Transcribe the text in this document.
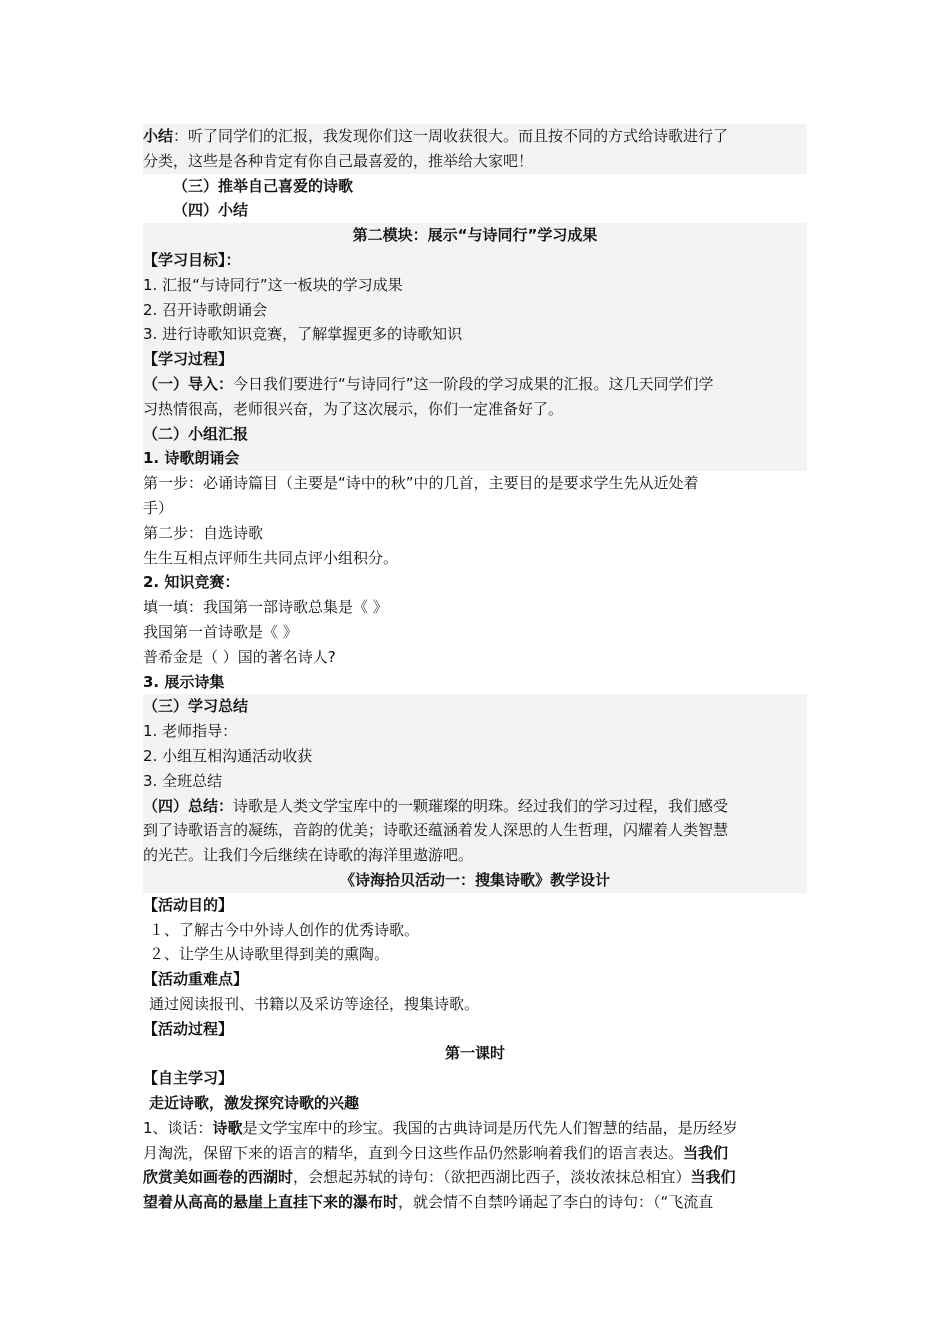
小结：听了同学们的汇报，我发现你们这一周收获很大。而且按不同的方式给诗歌进行了
分类，这些是各种肯定有你自己最喜爱的，推举给大家吧！
（三）推举自己喜爱的诗歌
（四）小结
第二模块：展示“与诗同行”学习成果
【学习目标】：
1. 汇报“与诗同行”这一板块的学习成果
2. 召开诗歌朗诵会
3. 进行诗歌知识竞赛，了解掌握更多的诗歌知识
【学习过程】
（一）导入：今日我们要进行“与诗同行”这一阶段的学习成果的汇报。这几天同学们学
习热情很高，老师很兴奋，为了这次展示，你们一定准备好了。
（二）小组汇报
1. 诗歌朗诵会
第一步：必诵诗篇目（主要是“诗中的秋”中的几首，主要目的是要求学生先从近处着
手）
第二步：自选诗歌
生生互相点评师生共同点评小组积分。
2. 知识竞赛：
填一填：我国第一部诗歌总集是《 》
我国第一首诗歌是《 》
普希金是（ ）国的著名诗人?
3. 展示诗集
（三）学习总结
1. 老师指导：
2. 小组互相沟通活动收获
3. 全班总结
（四）总结：诗歌是人类文学宝库中的一颗璀璨的明珠。经过我们的学习过程，我们感受
到了诗歌语言的凝练，音韵的优美；诗歌还蕴涵着发人深思的人生哲理，闪耀着人类智慧
的光芒。让我们今后继续在诗歌的海洋里遨游吧。
《诗海拾贝活动一：搜集诗歌》教学设计
【活动目的】
１、了解古今中外诗人创作的优秀诗歌。
２、让学生从诗歌里得到美的熏陶。
【活动重难点】
通过阅读报刊、书籍以及采访等途径，搜集诗歌。
【活动过程】
第一课时
【自主学习】
走近诗歌，激发探究诗歌的兴趣
1、谈话：诗歌是文学宝库中的珍宝。我国的古典诗词是历代先人们智慧的结晶，是历经岁
月淘洗，保留下来的语言的精华，直到今日这些作品仍然影响着我们的语言表达。当我们
欣赏美如画卷的西湖时，会想起苏轼的诗句：（欲把西湖比西子，淡妆浓抹总相宜）当我们
望着从高高的悬崖上直挂下来的瀑布时，就会情不自禁吟诵起了李白的诗句：（“飞流直
